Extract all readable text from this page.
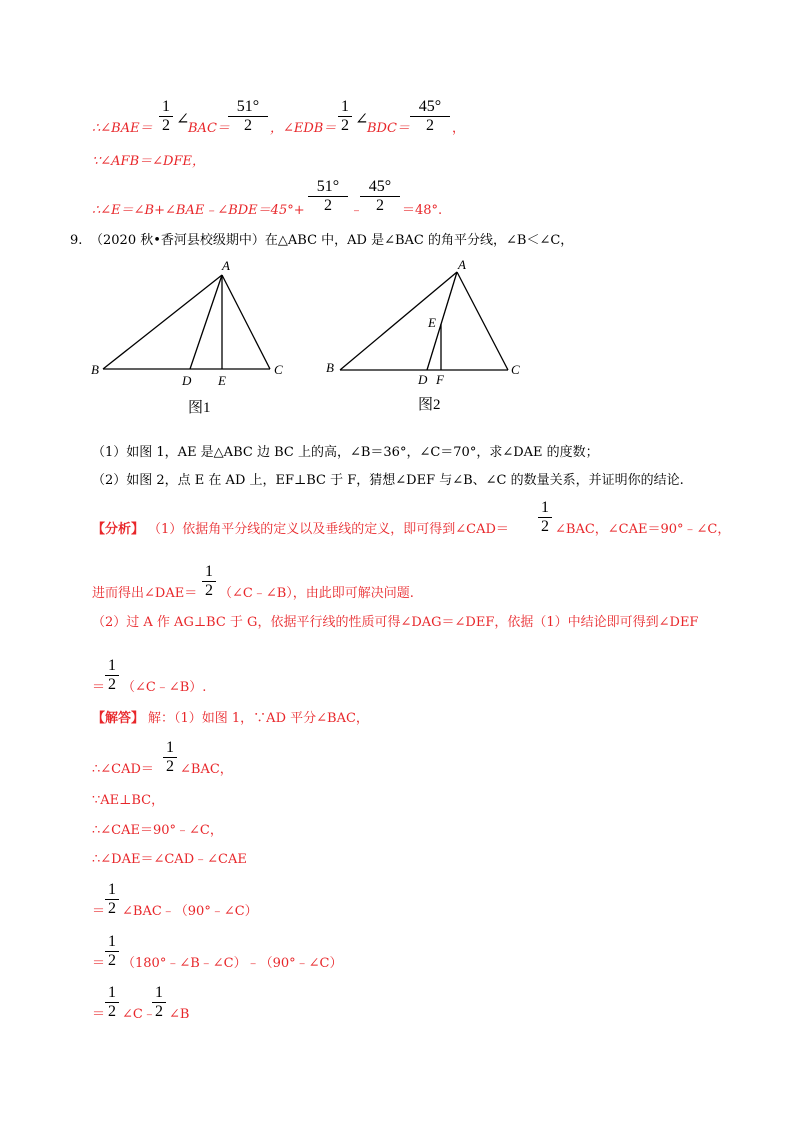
∴∠BAE＝
1
2 ∠
BAC＝
51°
2	，∠EDB＝
1
2 ∠
BDC＝
45°
2	，
∵∠AFB＝∠DFE，
∴∠E＝∠B+∠BAE﹣∠BDE＝45°+
51°
2	﹣
45°
2	＝48°.
9. （2020 秋•香河县校级期中）在△ABC 中，AD 是∠BAC 的角平分线，∠B＜∠C，
A
B	C
D E
图1
A
B	C
D
E
F
图2
（1）如图 1，AE 是△ABC 边 BC 上的高，∠B＝36°，∠C＝70°，求∠DAE 的度数；
（2）如图 2，点 E 在 AD 上，EF⊥BC 于 F，猜想∠DEF 与∠B、∠C 的数量关系，并证明你的结论.
【分析】 （1）依据角平分线的定义以及垂线的定义，即可得到∠CAD＝
1
2 ∠BAC，∠CAE＝90°﹣∠C，
进而得出∠DAE＝
1
2 （∠C﹣∠B），由此即可解决问题.
（2）过 A 作 AG⊥BC 于 G，依据平行线的性质可得∠DAG＝∠DEF，依据（1）中结论即可得到∠DEF
＝
1
2 （∠C﹣∠B）.
【解答】 解：（1）如图 1，∵AD 平分∠BAC，
∴∠CAD＝
1
2 ∠BAC，
∵AE⊥BC，
∴∠CAE＝90°﹣∠C，
∴∠DAE＝∠CAD﹣∠CAE
＝
1
2 ∠BAC﹣（90°﹣∠C）
＝
1
2 （180°﹣∠B﹣∠C）﹣（90°﹣∠C）
＝
1
2 ∠C﹣
1
2 ∠B
